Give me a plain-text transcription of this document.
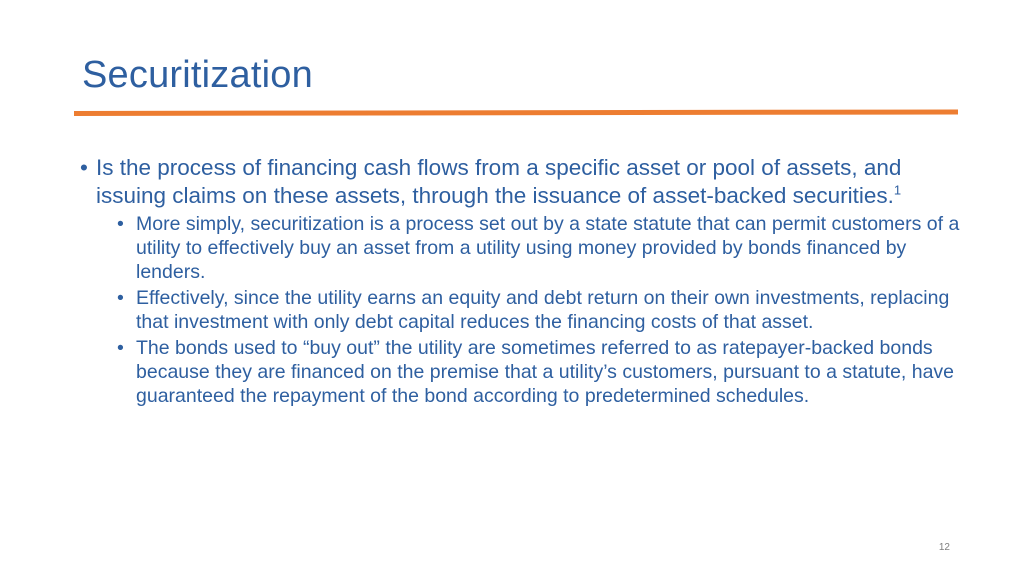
Securitization

• Is the process of financing cash flows from a specific asset or pool of assets, and issuing claims on these assets, through the issuance of asset-backed securities.$^1$

• More simply, securitization is a process set out by a state statute that can permit customers of a utility to effectively buy an asset from a utility using money provided by bonds financed by lenders.

• Effectively, since the utility earns an equity and debt return on their own investments, replacing that investment with only debt capital reduces the financing costs of that asset.

• The bonds used to “buy out” the utility are sometimes referred to as ratepayer-backed bonds because they are financed on the premise that a utility’s customers, pursuant to a statute, have guaranteed the repayment of the bond according to predetermined schedules.

12
